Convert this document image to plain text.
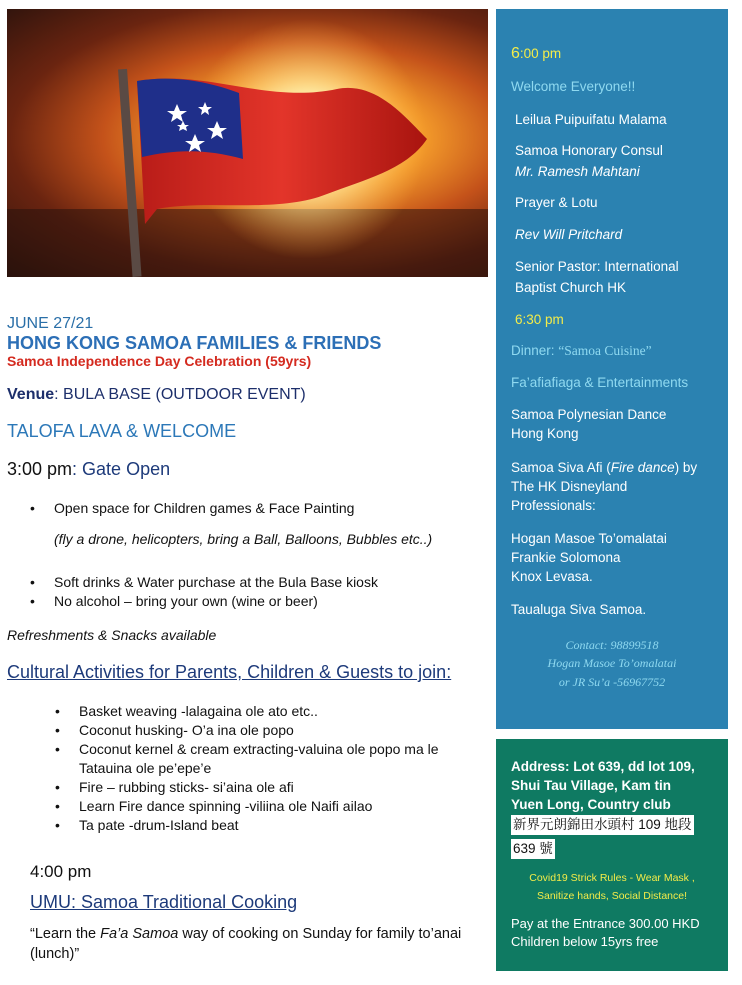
JUNE 27/21
HONG KONG SAMOA FAMILIES & FRIENDS
Samoa Independence Day Celebration (59yrs)
Venue: BULA BASE (OUTDOOR EVENT)
TALOFA LAVA & WELCOME
3:00 pm: Gate Open
• Open space for Children games & Face Painting
(fly a drone, helicopters, bring a Ball, Balloons, Bubbles etc..)
• Soft drinks & Water purchase at the Bula Base kiosk
• No alcohol – bring your own (wine or beer)
Refreshments & Snacks available
Cultural Activities for Parents, Children & Guests to join:
• Basket weaving -lalagaina ole ato etc..
• Coconut husking- O’a ina ole popo
• Coconut kernel & cream extracting-valuina ole popo ma le Tatauina ole pe’epe’e
• Fire – rubbing sticks- si’aina ole afi
• Learn Fire dance spinning -viliina ole Naifi ailao
• Ta pate -drum-Island beat
4:00 pm
UMU: Samoa Traditional Cooking
“Learn the Fa’a Samoa way of cooking on Sunday for family to’anai (lunch)”
6:00 pm
Welcome Everyone!!
Leilua Puipuifatu Malama
Samoa Honorary Consul
Mr. Ramesh Mahtani
Prayer & Lotu
Rev Will Pritchard
Senior Pastor: International
Baptist Church HK
6:30 pm
Dinner: “Samoa Cuisine”
Fa’afiafiaga & Entertainments
Samoa Polynesian Dance
Hong Kong
Samoa Siva Afi (Fire dance) by
The HK Disneyland
Professionals:
Hogan Masoe To’omalatai
Frankie Solomona
Knox Levasa.
Taualuga Siva Samoa.
Contact: 98899518
Hogan Masoe To’omalatai
or JR Su’a -56967752
Address: Lot 639, dd lot 109,
Shui Tau Village, Kam tin
Yuen Long, Country club
新界元朗錦田水頭村 109 地段
639 號
Covid19 Strick Rules - Wear Mask ,
Sanitize hands, Social Distance!
Pay at the Entrance 300.00 HKD
Children below 15yrs free
